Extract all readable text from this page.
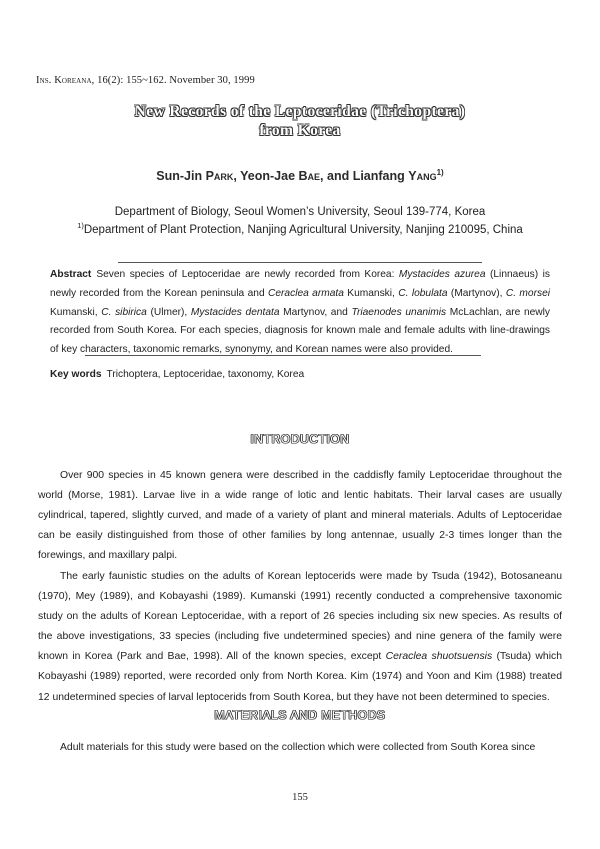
Ins. Koreana, 16(2): 155~162. November 30, 1999
New Records of the Leptoceridae (Trichoptera)
from Korea
Sun-Jin Park, Yeon-Jae Bae, and Lianfang Yang$^{1)}$
Department of Biology, Seoul Women’s University, Seoul 139-774, Korea
$^{1)}$Department of Plant Protection, Nanjing Agricultural University, Nanjing 210095, China
Abstract Seven species of Leptoceridae are newly recorded from Korea: Mystacides azurea (Linnaeus) is newly recorded from the Korean peninsula and Ceraclea armata Kumanski, C. lobulata (Martynov), C. morsei Kumanski, C. sibirica (Ulmer), Mystacides dentata Martynov, and Triaenodes unanimis McLachlan, are newly recorded from South Korea. For each species, diagnosis for known male and female adults with line-drawings of key characters, taxonomic remarks, synonymy, and Korean names were also provided.
Key words Trichoptera, Leptoceridae, taxonomy, Korea
INTRODUCTION
Over 900 species in 45 known genera were described in the caddisfly family Leptoceridae throughout the world (Morse, 1981). Larvae live in a wide range of lotic and lentic habitats. Their larval cases are usually cylindrical, tapered, slightly curved, and made of a variety of plant and mineral materials. Adults of Leptoceridae can be easily distinguished from those of other families by long antennae, usually 2-3 times longer than the forewings, and maxillary palpi.
The early faunistic studies on the adults of Korean leptocerids were made by Tsuda (1942), Botosaneanu (1970), Mey (1989), and Kobayashi (1989). Kumanski (1991) recently conducted a comprehensive taxonomic study on the adults of Korean Leptoceridae, with a report of 26 species including six new species. As results of the above investigations, 33 species (including five undetermined species) and nine genera of the family were known in Korea (Park and Bae, 1998). All of the known species, except Ceraclea shuotsuensis (Tsuda) which Kobayashi (1989) reported, were recorded only from North Korea. Kim (1974) and Yoon and Kim (1988) treated 12 undetermined species of larval leptocerids from South Korea, but they have not been determined to species.
MATERIALS AND METHODS
Adult materials for this study were based on the collection which were collected from South Korea since
155
